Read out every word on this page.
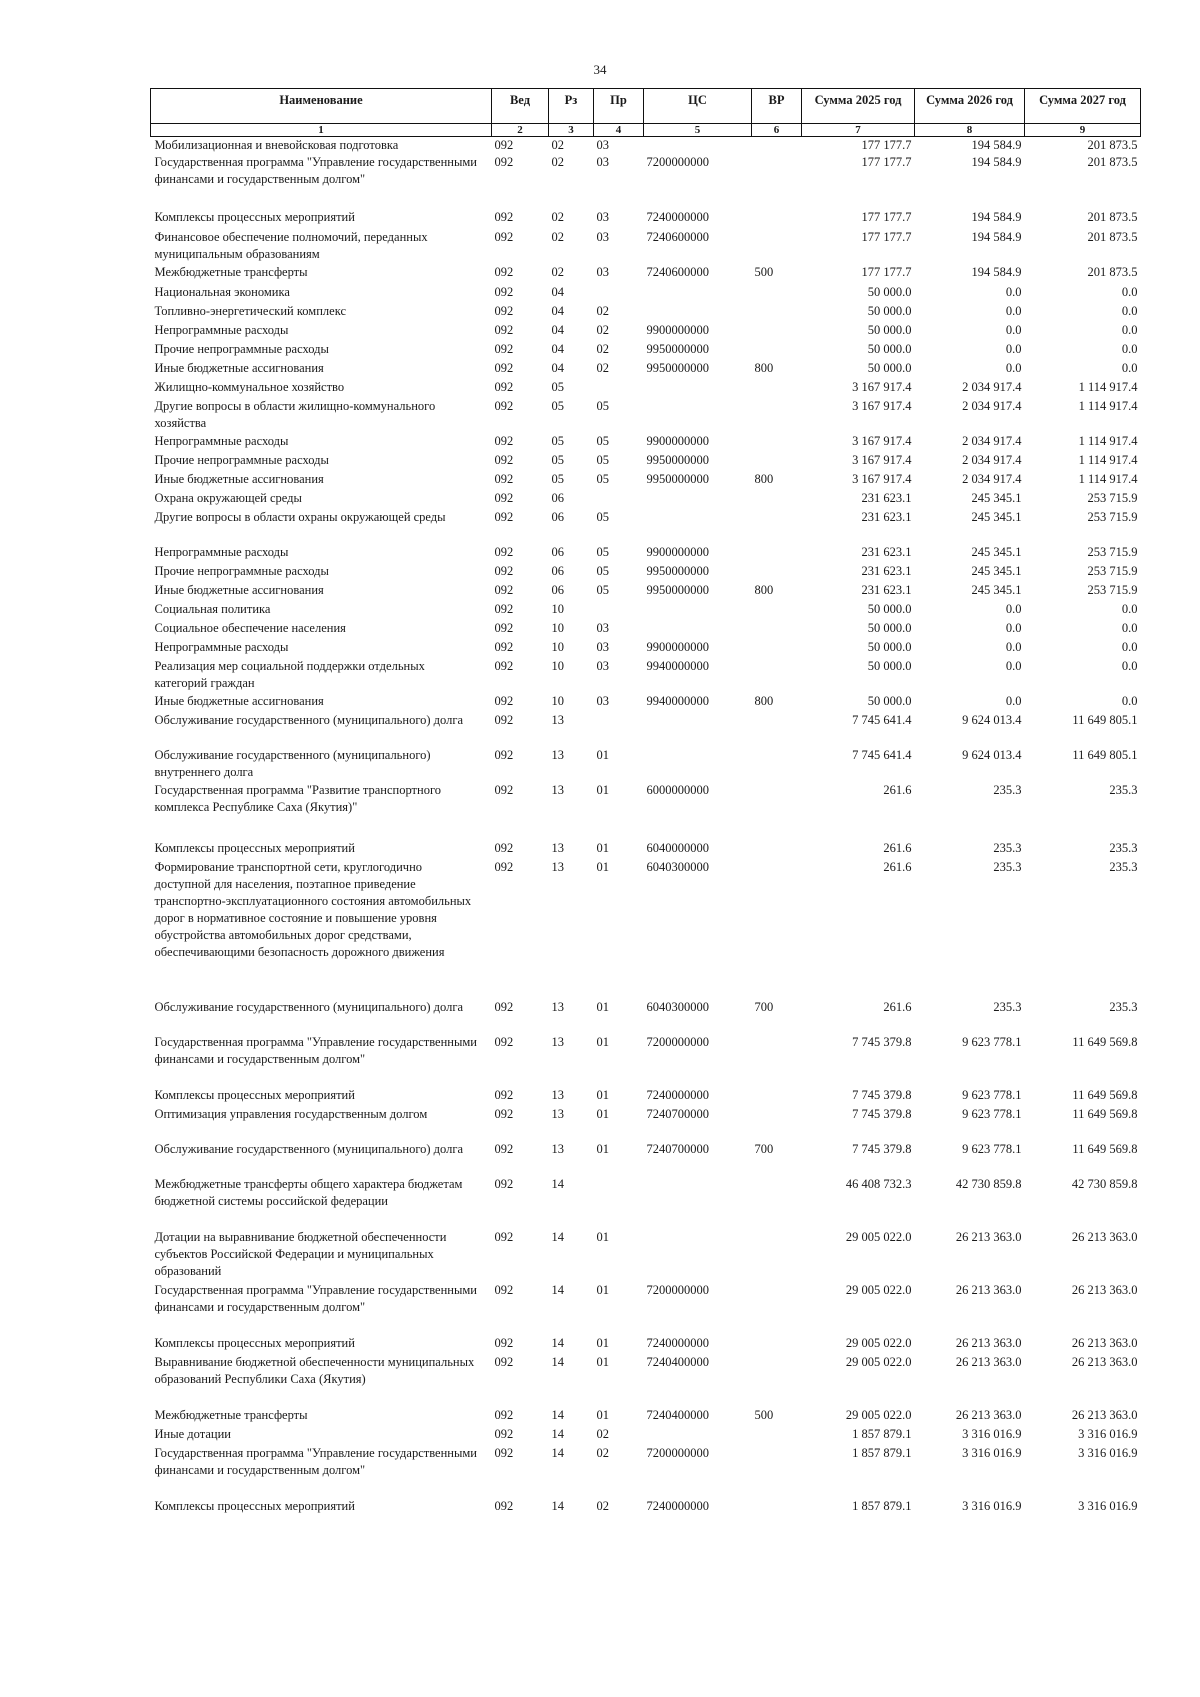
34
Наименование	Вед	Рз	Пр	ЦС	ВР	Сумма 2025 год	Сумма 2026 год	Сумма 2027 год
1	2	3	4	5	6	7	8	9
Мобилизационная и вневойсковая подготовка	092	02	03			177 177.7	194 584.9	201 873.5
Государственная программа "Управление государственными финансами и государственным долгом"	092	02	03	7200000000		177 177.7	194 584.9	201 873.5
Комплексы процессных мероприятий	092	02	03	7240000000		177 177.7	194 584.9	201 873.5
Финансовое обеспечение полномочий, переданных муниципальным образованиям	092	02	03	7240600000		177 177.7	194 584.9	201 873.5
Межбюджетные трансферты	092	02	03	7240600000	500	177 177.7	194 584.9	201 873.5
Национальная экономика	092	04				50 000.0	0.0	0.0
Топливно-энергетический комплекс	092	04	02			50 000.0	0.0	0.0
Непрограммные расходы	092	04	02	9900000000		50 000.0	0.0	0.0
Прочие непрограммные расходы	092	04	02	9950000000		50 000.0	0.0	0.0
Иные бюджетные ассигнования	092	04	02	9950000000	800	50 000.0	0.0	0.0
Жилищно-коммунальное хозяйство	092	05				3 167 917.4	2 034 917.4	1 114 917.4
Другие вопросы в области жилищно-коммунального хозяйства	092	05	05			3 167 917.4	2 034 917.4	1 114 917.4
Непрограммные расходы	092	05	05	9900000000		3 167 917.4	2 034 917.4	1 114 917.4
Прочие непрограммные расходы	092	05	05	9950000000		3 167 917.4	2 034 917.4	1 114 917.4
Иные бюджетные ассигнования	092	05	05	9950000000	800	3 167 917.4	2 034 917.4	1 114 917.4
Охрана окружающей среды	092	06				231 623.1	245 345.1	253 715.9
Другие вопросы в области охраны окружающей среды	092	06	05			231 623.1	245 345.1	253 715.9
Непрограммные расходы	092	06	05	9900000000		231 623.1	245 345.1	253 715.9
Прочие непрограммные расходы	092	06	05	9950000000		231 623.1	245 345.1	253 715.9
Иные бюджетные ассигнования	092	06	05	9950000000	800	231 623.1	245 345.1	253 715.9
Социальная политика	092	10				50 000.0	0.0	0.0
Социальное обеспечение населения	092	10	03			50 000.0	0.0	0.0
Непрограммные расходы	092	10	03	9900000000		50 000.0	0.0	0.0
Реализация мер социальной поддержки отдельных категорий граждан	092	10	03	9940000000		50 000.0	0.0	0.0
Иные бюджетные ассигнования	092	10	03	9940000000	800	50 000.0	0.0	0.0
Обслуживание государственного (муниципального) долга	092	13				7 745 641.4	9 624 013.4	11 649 805.1
Обслуживание государственного (муниципального) внутреннего долга	092	13	01			7 745 641.4	9 624 013.4	11 649 805.1
Государственная программа "Развитие транспортного комплекса Республике Саха (Якутия)"	092	13	01	6000000000		261.6	235.3	235.3
Комплексы процессных мероприятий	092	13	01	6040000000		261.6	235.3	235.3
Формирование транспортной сети, круглогодично доступной для населения, поэтапное приведение транспортно-эксплуатационного состояния автомобильных дорог в нормативное состояние и повышение уровня обустройства автомобильных дорог средствами, обеспечивающими безопасность дорожного движения	092	13	01	6040300000		261.6	235.3	235.3
Обслуживание государственного (муниципального) долга	092	13	01	6040300000	700	261.6	235.3	235.3
Государственная программа "Управление государственными финансами и государственным долгом"	092	13	01	7200000000		7 745 379.8	9 623 778.1	11 649 569.8
Комплексы процессных мероприятий	092	13	01	7240000000		7 745 379.8	9 623 778.1	11 649 569.8
Оптимизация управления государственным долгом	092	13	01	7240700000		7 745 379.8	9 623 778.1	11 649 569.8
Обслуживание государственного (муниципального) долга	092	13	01	7240700000	700	7 745 379.8	9 623 778.1	11 649 569.8
Межбюджетные трансферты общего характера бюджетам бюджетной системы российской федерации	092	14				46 408 732.3	42 730 859.8	42 730 859.8
Дотации на выравнивание бюджетной обеспеченности субъектов Российской Федерации и муниципальных образований	092	14	01			29 005 022.0	26 213 363.0	26 213 363.0
Государственная программа "Управление государственными финансами и государственным долгом"	092	14	01	7200000000		29 005 022.0	26 213 363.0	26 213 363.0
Комплексы процессных мероприятий	092	14	01	7240000000		29 005 022.0	26 213 363.0	26 213 363.0
Выравнивание бюджетной обеспеченности муниципальных образований Республики Саха (Якутия)	092	14	01	7240400000		29 005 022.0	26 213 363.0	26 213 363.0
Межбюджетные трансферты	092	14	01	7240400000	500	29 005 022.0	26 213 363.0	26 213 363.0
Иные дотации	092	14	02			1 857 879.1	3 316 016.9	3 316 016.9
Государственная программа "Управление государственными финансами и государственным долгом"	092	14	02	7200000000		1 857 879.1	3 316 016.9	3 316 016.9
Комплексы процессных мероприятий	092	14	02	7240000000		1 857 879.1	3 316 016.9	3 316 016.9
